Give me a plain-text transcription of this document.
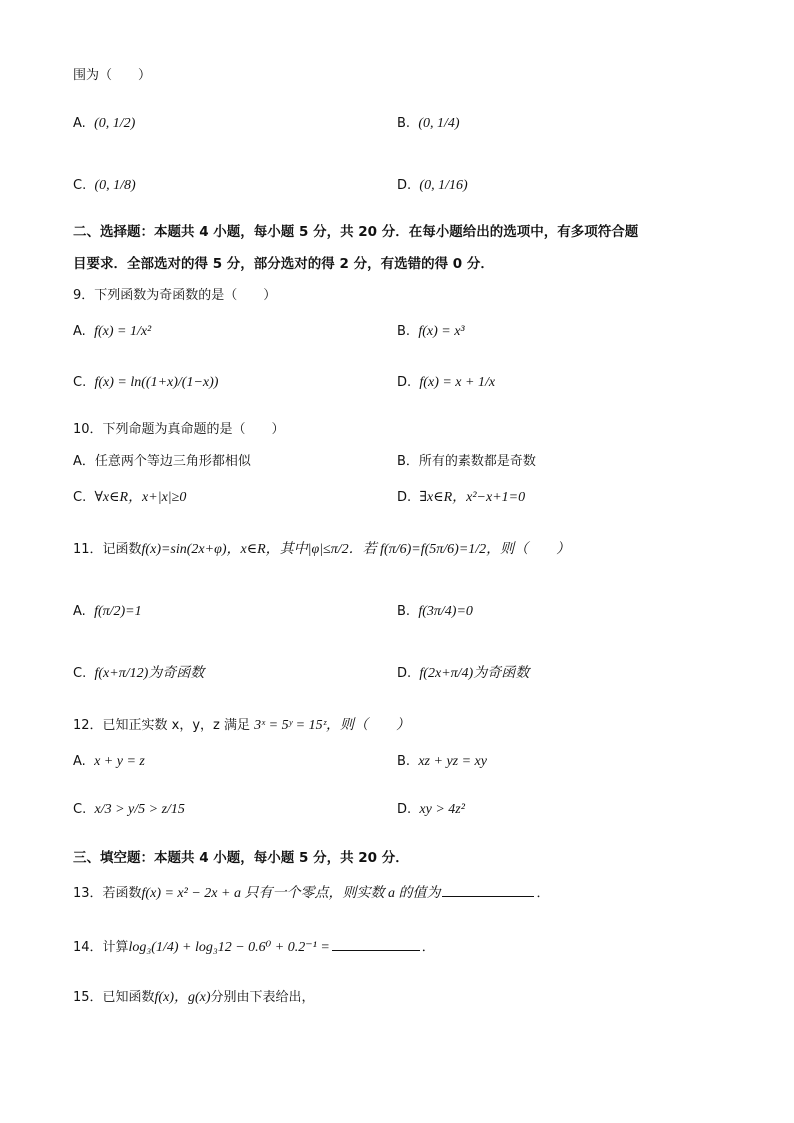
围为（　　）
A. (0, 1/2)	B. (0, 1/4)
C. (0, 1/8)	D. (0, 1/16)
二、选择题：本题共 4 小题，每小题 5 分，共 20 分．在每小题给出的选项中，有多项符合题
目要求．全部选对的得 5 分，部分选对的得 2 分，有选错的得 0 分．
9．下列函数为奇函数的是（　　）
A. f(x) = 1/x²	B. f(x) = x³
C. f(x) = ln((1+x)/(1−x))	D. f(x) = x + 1/x
10．下列命题为真命题的是（　　）
A．任意两个等边三角形都相似	B．所有的素数都是奇数
C. ∀x∈R，x+|x|≥0	D. ∃x∈R，x²−x+1=0
11．记函数f(x)=sin(2x+φ)，x∈R，其中|φ|≤π/2．若 f(π/6)=f(5π/6)=1/2，则（　　）
A. f(π/2)=1	B. f(3π/4)=0
C. f(x+π/12)为奇函数	D. f(2x+π/4)为奇函数
12．已知正实数 x，y，z 满足 3ˣ = 5ʸ = 15ᶻ，则（　　）
A. x + y = z	B. xz + yz = xy
C. x/3 > y/5 > z/15	D. xy > 4z²
三、填空题：本题共 4 小题，每小题 5 分，共 20 分．
13．若函数f(x) = x² − 2x + a 只有一个零点，则实数 a 的值为	．
14．计算log₃(1/4) + log₃12 − 0.6⁰ + 0.2⁻¹ =	．
15．已知函数f(x)，g(x)分别由下表给出，
